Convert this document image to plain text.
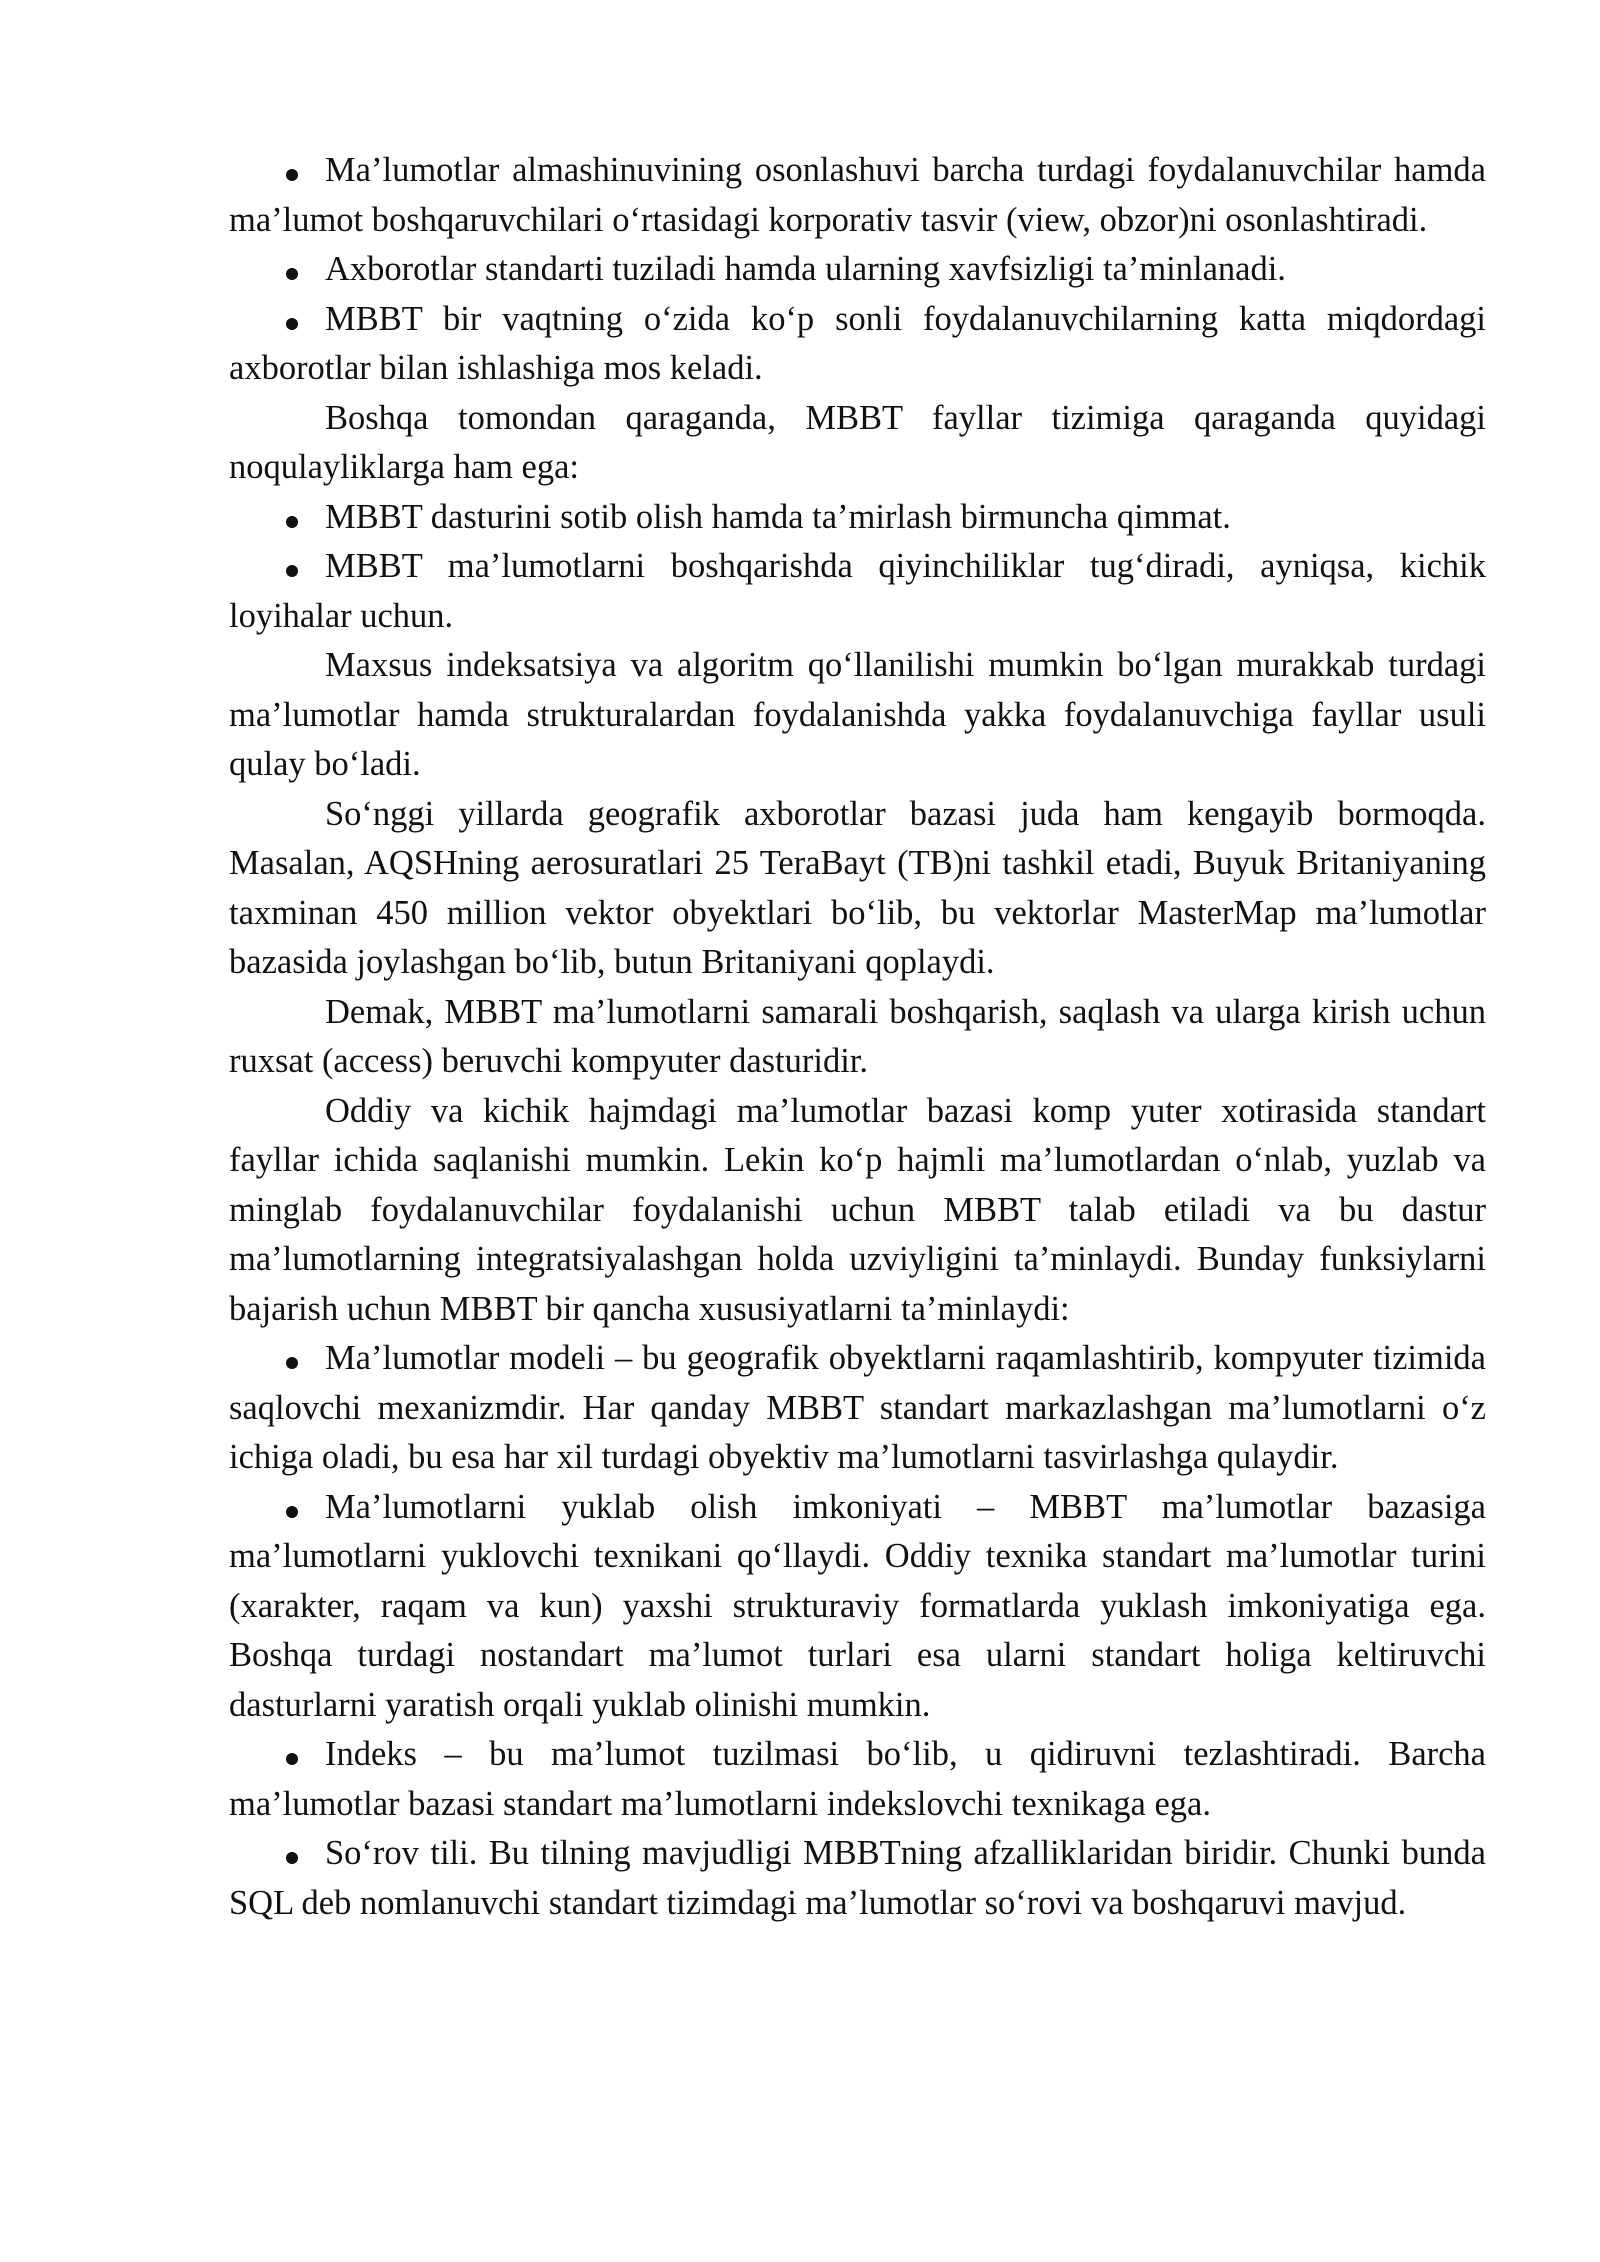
Ma’lumotlar almashinuvining osonlashuvi barcha turdagi foydalanuvchilar hamda ma’lumot boshqaruvchilari o‘rtasidagi korporativ tasvir (view, obzor)ni osonlashtiradi.

Axborotlar standarti tuziladi hamda ularning xavfsizligi ta’minlanadi.

MBBT bir vaqtning o‘zida ko‘p sonli foydalanuvchilarning katta miqdordagi axborotlar bilan ishlashiga mos keladi.

Boshqa tomondan qaraganda, MBBT fayllar tizimiga qaraganda quyidagi noqulayliklarga ham ega:

MBBT dasturini sotib olish hamda ta’mirlash birmuncha qimmat.

MBBT ma’lumotlarni boshqarishda qiyinchiliklar tug‘diradi, ayniqsa, kichik loyihalar uchun.

Maxsus indeksatsiya va algoritm qo‘llanilishi mumkin bo‘lgan murakkab turdagi ma’lumotlar hamda strukturalardan foydalanishda yakka foydalanuvchiga fayllar usuli qulay bo‘ladi.

So‘nggi yillarda geografik axborotlar bazasi juda ham kengayib bormoqda. Masalan, AQSHning aerosuratlari 25 TeraBayt (TB)ni tashkil etadi, Buyuk Britaniyaning taxminan 450 million vektor obyektlari bo‘lib, bu vektorlar MasterMap ma’lumotlar bazasida joylashgan bo‘lib, butun Britaniyani qoplaydi.

Demak, MBBT ma’lumotlarni samarali boshqarish, saqlash va ularga kirish uchun ruxsat (access) beruvchi kompyuter dasturidir.

Oddiy va kichik hajmdagi ma’lumotlar bazasi komp yuter xotirasida standart fayllar ichida saqlanishi mumkin. Lekin ko‘p hajmli ma’lumotlardan o‘nlab, yuzlab va minglab foydalanuvchilar foydalanishi uchun MBBT talab etiladi va bu dastur ma’lumotlarning integratsiyalashgan holda uzviyligini ta’minlaydi. Bunday funksiylarni bajarish uchun MBBT bir qancha xususiyatlarni ta’minlaydi:

Ma’lumotlar modeli – bu geografik obyektlarni raqamlashtirib, kompyuter tizimida saqlovchi mexanizmdir. Har qanday MBBT standart markazlashgan ma’lumotlarni o‘z ichiga oladi, bu esa har xil turdagi obyektiv ma’lumotlarni tasvirlashga qulaydir.

Ma’lumotlarni yuklab olish imkoniyati – MBBT ma’lumotlar bazasiga ma’lumotlarni yuklovchi texnikani qo‘llaydi. Oddiy texnika standart ma’lumotlar turini (xarakter, raqam va kun) yaxshi strukturaviy formatlarda yuklash imkoniyatiga ega. Boshqa turdagi nostandart ma’lumot turlari esa ularni standart holiga keltiruvchi dasturlarni yaratish orqali yuklab olinishi mumkin.

Indeks – bu ma’lumot tuzilmasi bo‘lib, u qidiruvni tezlashtiradi. Barcha ma’lumotlar bazasi standart ma’lumotlarni indekslovchi texnikaga ega.

So‘rov tili. Bu tilning mavjudligi MBBTning afzalliklaridan biridir. Chunki bunda SQL deb nomlanuvchi standart tizimdagi ma’lumotlar so‘rovi va boshqaruvi mavjud.
